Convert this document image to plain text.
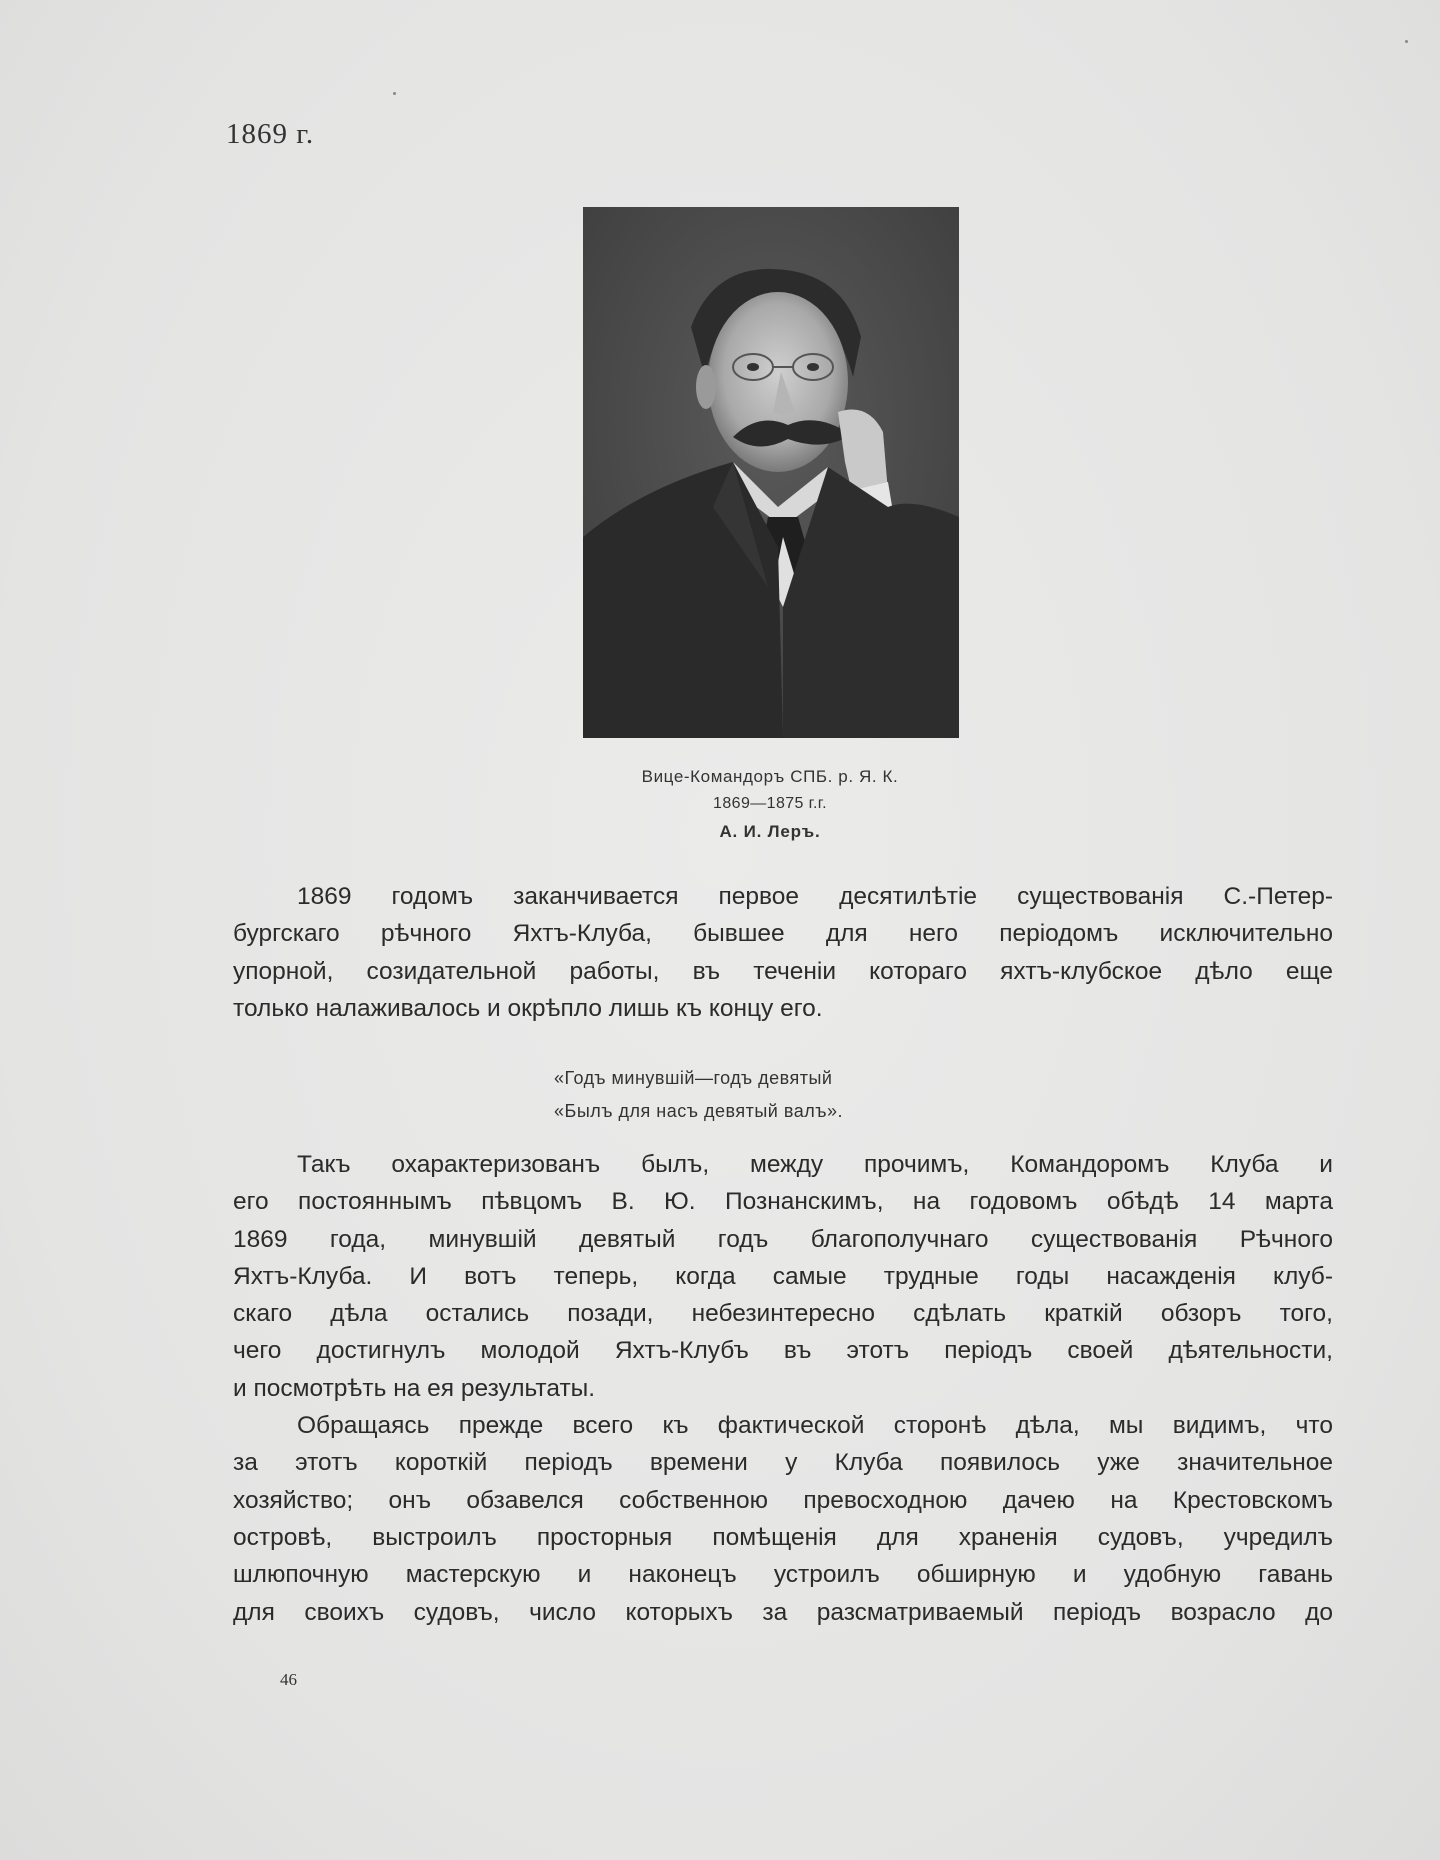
1869 г.
Вице-Командоръ СПБ. р. Я. К.
1869—1875 г.г.
А. И. Леръ.

1869 годомъ заканчивается первое десятилѣтіе существованія С.-Петер-

бургскаго рѣчного Яхтъ-Клуба, бывшее для него періодомъ исключительно

упорной, созидательной работы, въ теченіи котораго яхтъ-клубское дѣло еще

только налаживалось и окрѣпло лишь къ концу его.

«Годъ минувшій—годъ девятый
«Былъ для насъ девятый валъ».

Такъ охарактеризованъ былъ, между прочимъ, Командоромъ Клуба и

его постояннымъ пѣвцомъ В. Ю. Познанскимъ, на годовомъ обѣдѣ 14 марта

1869 года, минувшій девятый годъ благополучнаго существованія Рѣчного

Яхтъ-Клуба. И вотъ теперь, когда самые трудные годы насажденія клуб-

скаго дѣла остались позади, небезинтересно сдѣлать краткій обзоръ того,

чего достигнулъ молодой Яхтъ-Клубъ въ этотъ періодъ своей дѣятельности,

и посмотрѣть на ея результаты.

Обращаясь прежде всего къ фактической сторонѣ дѣла, мы видимъ, что

за этотъ короткій періодъ времени у Клуба появилось уже значительное

хозяйство; онъ обзавелся собственною превосходною дачею на Крестовскомъ

островѣ, выстроилъ просторныя помѣщенія для храненія судовъ, учредилъ

шлюпочную мастерскую и наконецъ устроилъ обширную и удобную гавань

для своихъ судовъ, число которыхъ за разсматриваемый періодъ возрасло до

46
